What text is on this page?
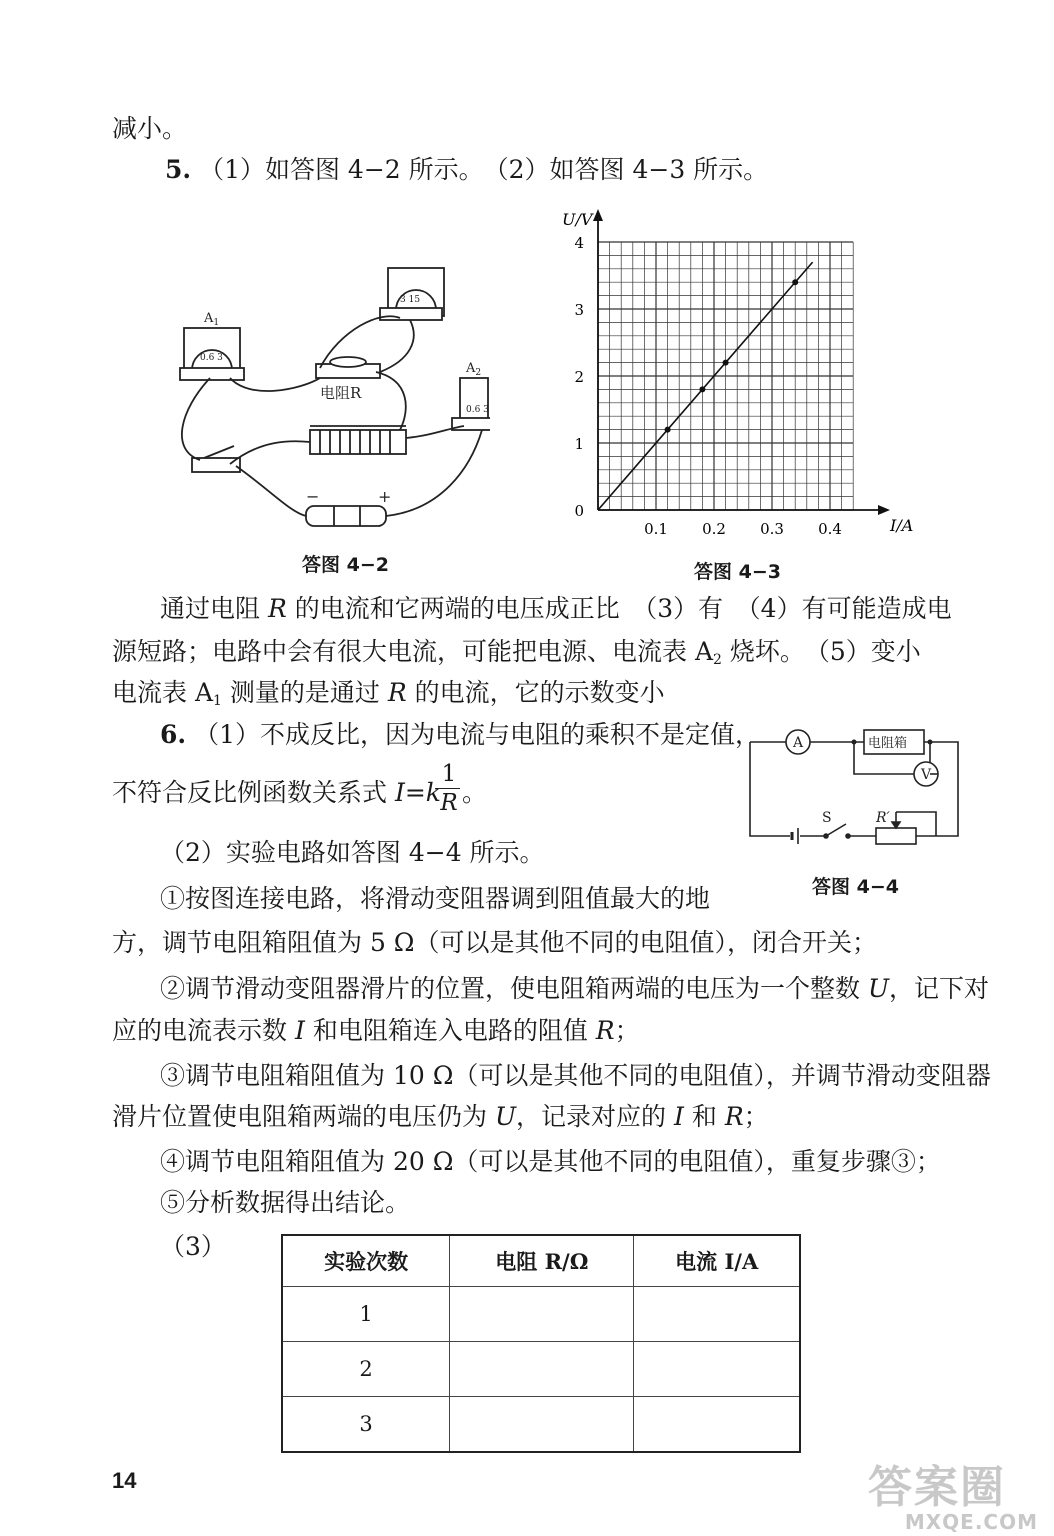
减小。
5. （1）如答图 4−2 所示。　（2）如答图 4−3 所示。
$A_1$
$A_2$
0.6 3
0.6 3
3 15
电阻R
−	+
答图 4−2
0
1
2
3
4
0.1 0.2 0.3 0.4
U/V
I/A
答图 4−3
通过电阻 R 的电流和它两端的电压成正比　（3）有　（4）有可能造成电
源短路；电路中会有很大电流，可能把电源、电流表 $A_2$ 烧坏。　（5）变小
电流表 $A_1$ 测量的是通过 R 的电流，它的示数变小
6. （1）不成反比，因为电流与电阻的乘积不是定值，
不符合反比例函数关系式 I=k
$\frac{1}{R}$ 。
A
V
电阻箱
S	R′
答图 4−4
（2）实验电路如答图 4−4 所示。
①按图连接电路，将滑动变阻器调到阻值最大的地
方，调节电阻箱阻值为 5 Ω（可以是其他不同的电阻值），闭合开关；
②调节滑动变阻器滑片的位置，使电阻箱两端的电压为一个整数 U，记下对
应的电流表示数 I 和电阻箱连入电路的阻值 R；
③调节电阻箱阻值为 10 Ω（可以是其他不同的电阻值），并调节滑动变阻器
滑片位置使电阻箱两端的电压仍为 U，记录对应的 I 和 R；
④调节电阻箱阻值为 20 Ω（可以是其他不同的电阻值），重复步骤③；
⑤分析数据得出结论。
（3）
实验次数	电阻 R/Ω	电流 I/A
1		
2		
3		
14	答案圈
MXQE.COM
